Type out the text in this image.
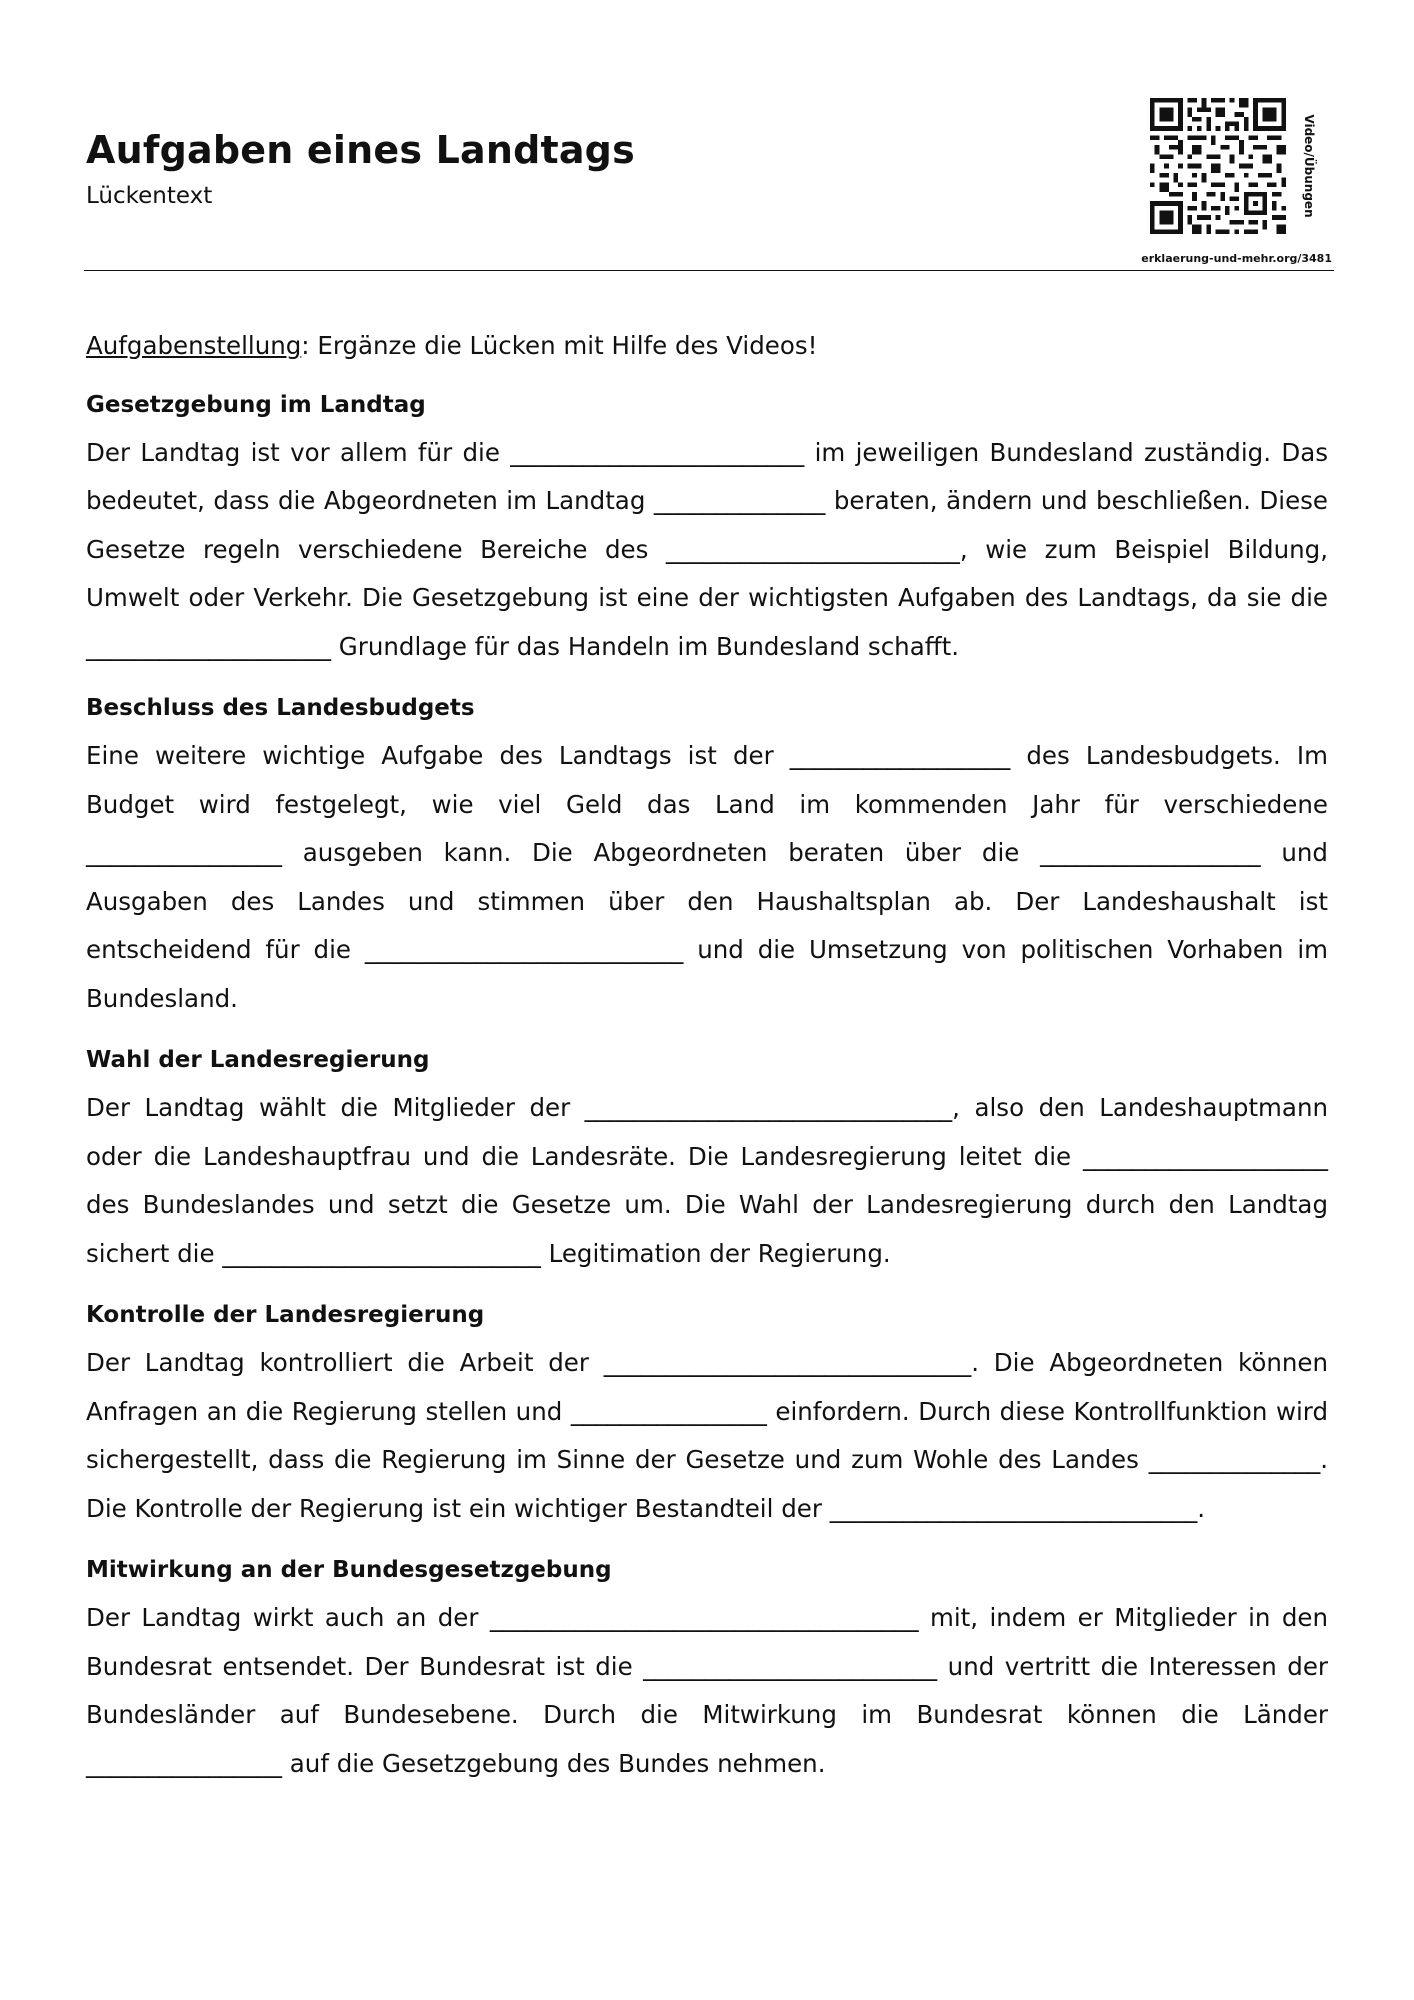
Aufgaben eines Landtags
Lückentext	Video/Übungen
erklaerung-und-mehr.org/3481

Aufgabenstellung: Ergänze die Lücken mit Hilfe des Videos!

Gesetzgebung im Landtag

Der Landtag ist vor allem für die ________________________ im jeweiligen Bundesland zuständig. Das bedeutet, dass die Abgeordneten im Landtag ______________ beraten, ändern und beschließen. Diese Gesetze regeln verschiedene Bereiche des ________________________, wie zum Beispiel Bildung, Umwelt oder Verkehr. Die Gesetzgebung ist eine der wichtigsten Aufgaben des Landtags, da sie die ____________________ Grundlage für das Handeln im Bundesland schafft.

Beschluss des Landesbudgets

Eine weitere wichtige Aufgabe des Landtags ist der __________________ des Landesbudgets. Im Budget wird festgelegt, wie viel Geld das Land im kommenden Jahr für verschiedene ________________ ausgeben kann. Die Abgeordneten beraten über die __________________ und Ausgaben des Landes und stimmen über den Haushaltsplan ab. Der Landeshaushalt ist entscheidend für die __________________________ und die Umsetzung von politischen Vorhaben im Bundesland.

Wahl der Landesregierung

Der Landtag wählt die Mitglieder der ______________________________, also den Landeshauptmann oder die Landeshauptfrau und die Landesräte. Die Landesregierung leitet die ____________________ des Bundeslandes und setzt die Gesetze um. Die Wahl der Landesregierung durch den Landtag sichert die __________________________ Legitimation der Regierung.

Kontrolle der Landesregierung

Der Landtag kontrolliert die Arbeit der ______________________________. Die Abgeordneten können Anfragen an die Regierung stellen und ________________ einfordern. Durch diese Kontrollfunktion wird sichergestellt, dass die Regierung im Sinne der Gesetze und zum Wohle des Landes ______________. Die Kontrolle der Regierung ist ein wichtiger Bestandteil der ______________________________.

Mitwirkung an der Bundesgesetzgebung

Der Landtag wirkt auch an der ___________________________________ mit, indem er Mitglieder in den Bundesrat entsendet. Der Bundesrat ist die ________________________ und vertritt die Interessen der Bundesländer auf Bundesebene. Durch die Mitwirkung im Bundesrat können die Länder ________________ auf die Gesetzgebung des Bundes nehmen.
